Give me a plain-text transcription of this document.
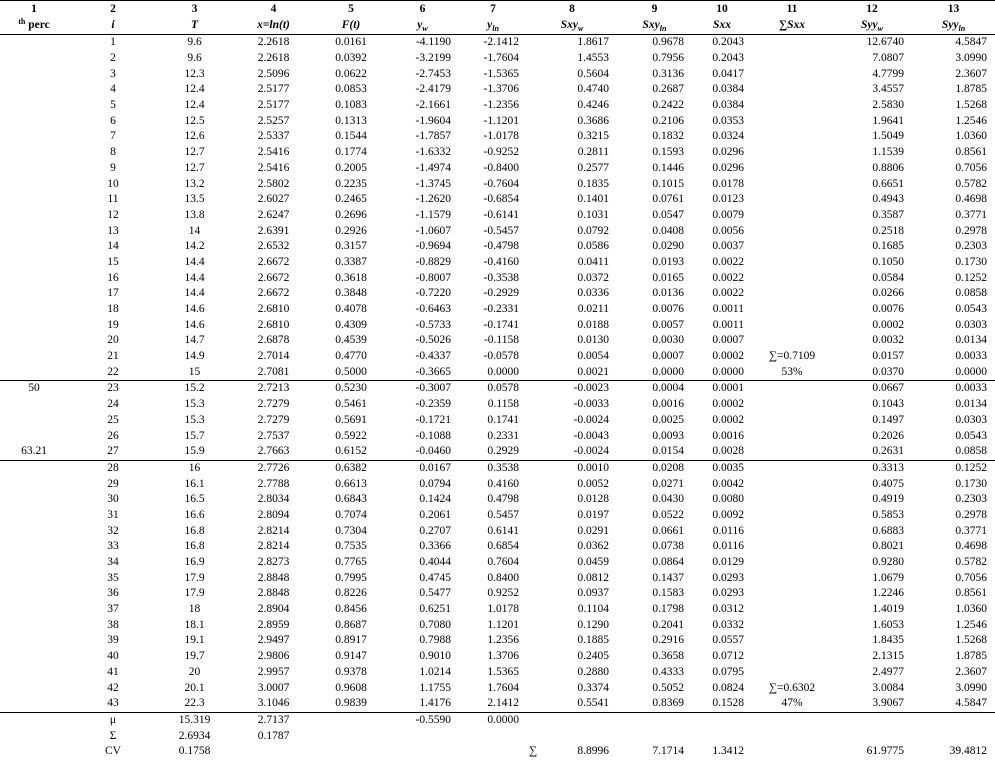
1	2	3	4	5	6	7	8	9	10	11	12	13
$^{th}$ perc	i	T	x=ln(t)	F(t)	$y_w$	$y_{ln}$	Sxy$_w$	Sxy$_{ln}$	Sxx	∑Sxx	Syy$_w$	Syy$_{ln}$
	1	9.6	2.2618	0.0161	-4.1190	-2.1412	1.8617	0.9678	0.2043		12.6740	4.5847
	2	9.6	2.2618	0.0392	-3.2199	-1.7604	1.4553	0.7956	0.2043		7.0807	3.0990
	3	12.3	2.5096	0.0622	-2.7453	-1.5365	0.5604	0.3136	0.0417		4.7799	2.3607
	4	12.4	2.5177	0.0853	-2.4179	-1.3706	0.4740	0.2687	0.0384		3.4557	1.8785
	5	12.4	2.5177	0.1083	-2.1661	-1.2356	0.4246	0.2422	0.0384		2.5830	1.5268
	6	12.5	2.5257	0.1313	-1.9604	-1.1201	0.3686	0.2106	0.0353		1.9641	1.2546
	7	12.6	2.5337	0.1544	-1.7857	-1.0178	0.3215	0.1832	0.0324		1.5049	1.0360
	8	12.7	2.5416	0.1774	-1.6332	-0.9252	0.2811	0.1593	0.0296		1.1539	0.8561
	9	12.7	2.5416	0.2005	-1.4974	-0.8400	0.2577	0.1446	0.0296		0.8806	0.7056
	10	13.2	2.5802	0.2235	-1.3745	-0.7604	0.1835	0.1015	0.0178		0.6651	0.5782
	11	13.5	2.6027	0.2465	-1.2620	-0.6854	0.1401	0.0761	0.0123		0.4943	0.4698
	12	13.8	2.6247	0.2696	-1.1579	-0.6141	0.1031	0.0547	0.0079		0.3587	0.3771
	13	14	2.6391	0.2926	-1.0607	-0.5457	0.0792	0.0408	0.0056		0.2518	0.2978
	14	14.2	2.6532	0.3157	-0.9694	-0.4798	0.0586	0.0290	0.0037		0.1685	0.2303
	15	14.4	2.6672	0.3387	-0.8829	-0.4160	0.0411	0.0193	0.0022		0.1050	0.1730
	16	14.4	2.6672	0.3618	-0.8007	-0.3538	0.0372	0.0165	0.0022		0.0584	0.1252
	17	14.4	2.6672	0.3848	-0.7220	-0.2929	0.0336	0.0136	0.0022		0.0266	0.0858
	18	14.6	2.6810	0.4078	-0.6463	-0.2331	0.0211	0.0076	0.0011		0.0076	0.0543
	19	14.6	2.6810	0.4309	-0.5733	-0.1741	0.0188	0.0057	0.0011		0.0002	0.0303
	20	14.7	2.6878	0.4539	-0.5026	-0.1158	0.0130	0.0030	0.0007		0.0032	0.0134
	21	14.9	2.7014	0.4770	-0.4337	-0.0578	0.0054	0.0007	0.0002	∑=0.7109	0.0157	0.0033
	22	15	2.7081	0.5000	-0.3665	0.0000	0.0021	0.0000	0.0000	53%	0.0370	0.0000
50	23	15.2	2.7213	0.5230	-0.3007	0.0578	-0.0023	0.0004	0.0001		0.0667	0.0033
	24	15.3	2.7279	0.5461	-0.2359	0.1158	-0.0033	0.0016	0.0002		0.1043	0.0134
	25	15.3	2.7279	0.5691	-0.1721	0.1741	-0.0024	0.0025	0.0002		0.1497	0.0303
	26	15.7	2.7537	0.5922	-0.1088	0.2331	-0.0043	0.0093	0.0016		0.2026	0.0543
63.21	27	15.9	2.7663	0.6152	-0.0460	0.2929	-0.0024	0.0154	0.0028		0.2631	0.0858
	28	16	2.7726	0.6382	0.0167	0.3538	0.0010	0.0208	0.0035		0.3313	0.1252
	29	16.1	2.7788	0.6613	0.0794	0.4160	0.0052	0.0271	0.0042		0.4075	0.1730
	30	16.5	2.8034	0.6843	0.1424	0.4798	0.0128	0.0430	0.0080		0.4919	0.2303
	31	16.6	2.8094	0.7074	0.2061	0.5457	0.0197	0.0522	0.0092		0.5853	0.2978
	32	16.8	2.8214	0.7304	0.2707	0.6141	0.0291	0.0661	0.0116		0.6883	0.3771
	33	16.8	2.8214	0.7535	0.3366	0.6854	0.0362	0.0738	0.0116		0.8021	0.4698
	34	16.9	2.8273	0.7765	0.4044	0.7604	0.0459	0.0864	0.0129		0.9280	0.5782
	35	17.9	2.8848	0.7995	0.4745	0.8400	0.0812	0.1437	0.0293		1.0679	0.7056
	36	17.9	2.8848	0.8226	0.5477	0.9252	0.0937	0.1583	0.0293		1.2246	0.8561
	37	18	2.8904	0.8456	0.6251	1.0178	0.1104	0.1798	0.0312		1.4019	1.0360
	38	18.1	2.8959	0.8687	0.7080	1.1201	0.1290	0.2041	0.0332		1.6053	1.2546
	39	19.1	2.9497	0.8917	0.7988	1.2356	0.1885	0.2916	0.0557		1.8435	1.5268
	40	19.7	2.9806	0.9147	0.9010	1.3706	0.2405	0.3658	0.0712		2.1315	1.8785
	41	20	2.9957	0.9378	1.0214	1.5365	0.2880	0.4333	0.0795		2.4977	2.3607
	42	20.1	3.0007	0.9608	1.1755	1.7604	0.3374	0.5052	0.0824	∑=0.6302	3.0084	3.0990
	43	22.3	3.1046	0.9839	1.4176	2.1412	0.5541	0.8369	0.1528	47%	3.9067	4.5847
	μ	15.319	2.7137		-0.5590	0.0000						
	Σ	2.6934	0.1787									
	CV	0.1758					∑ 8.8996	7.1714	1.3412		61.9775	39.4812
